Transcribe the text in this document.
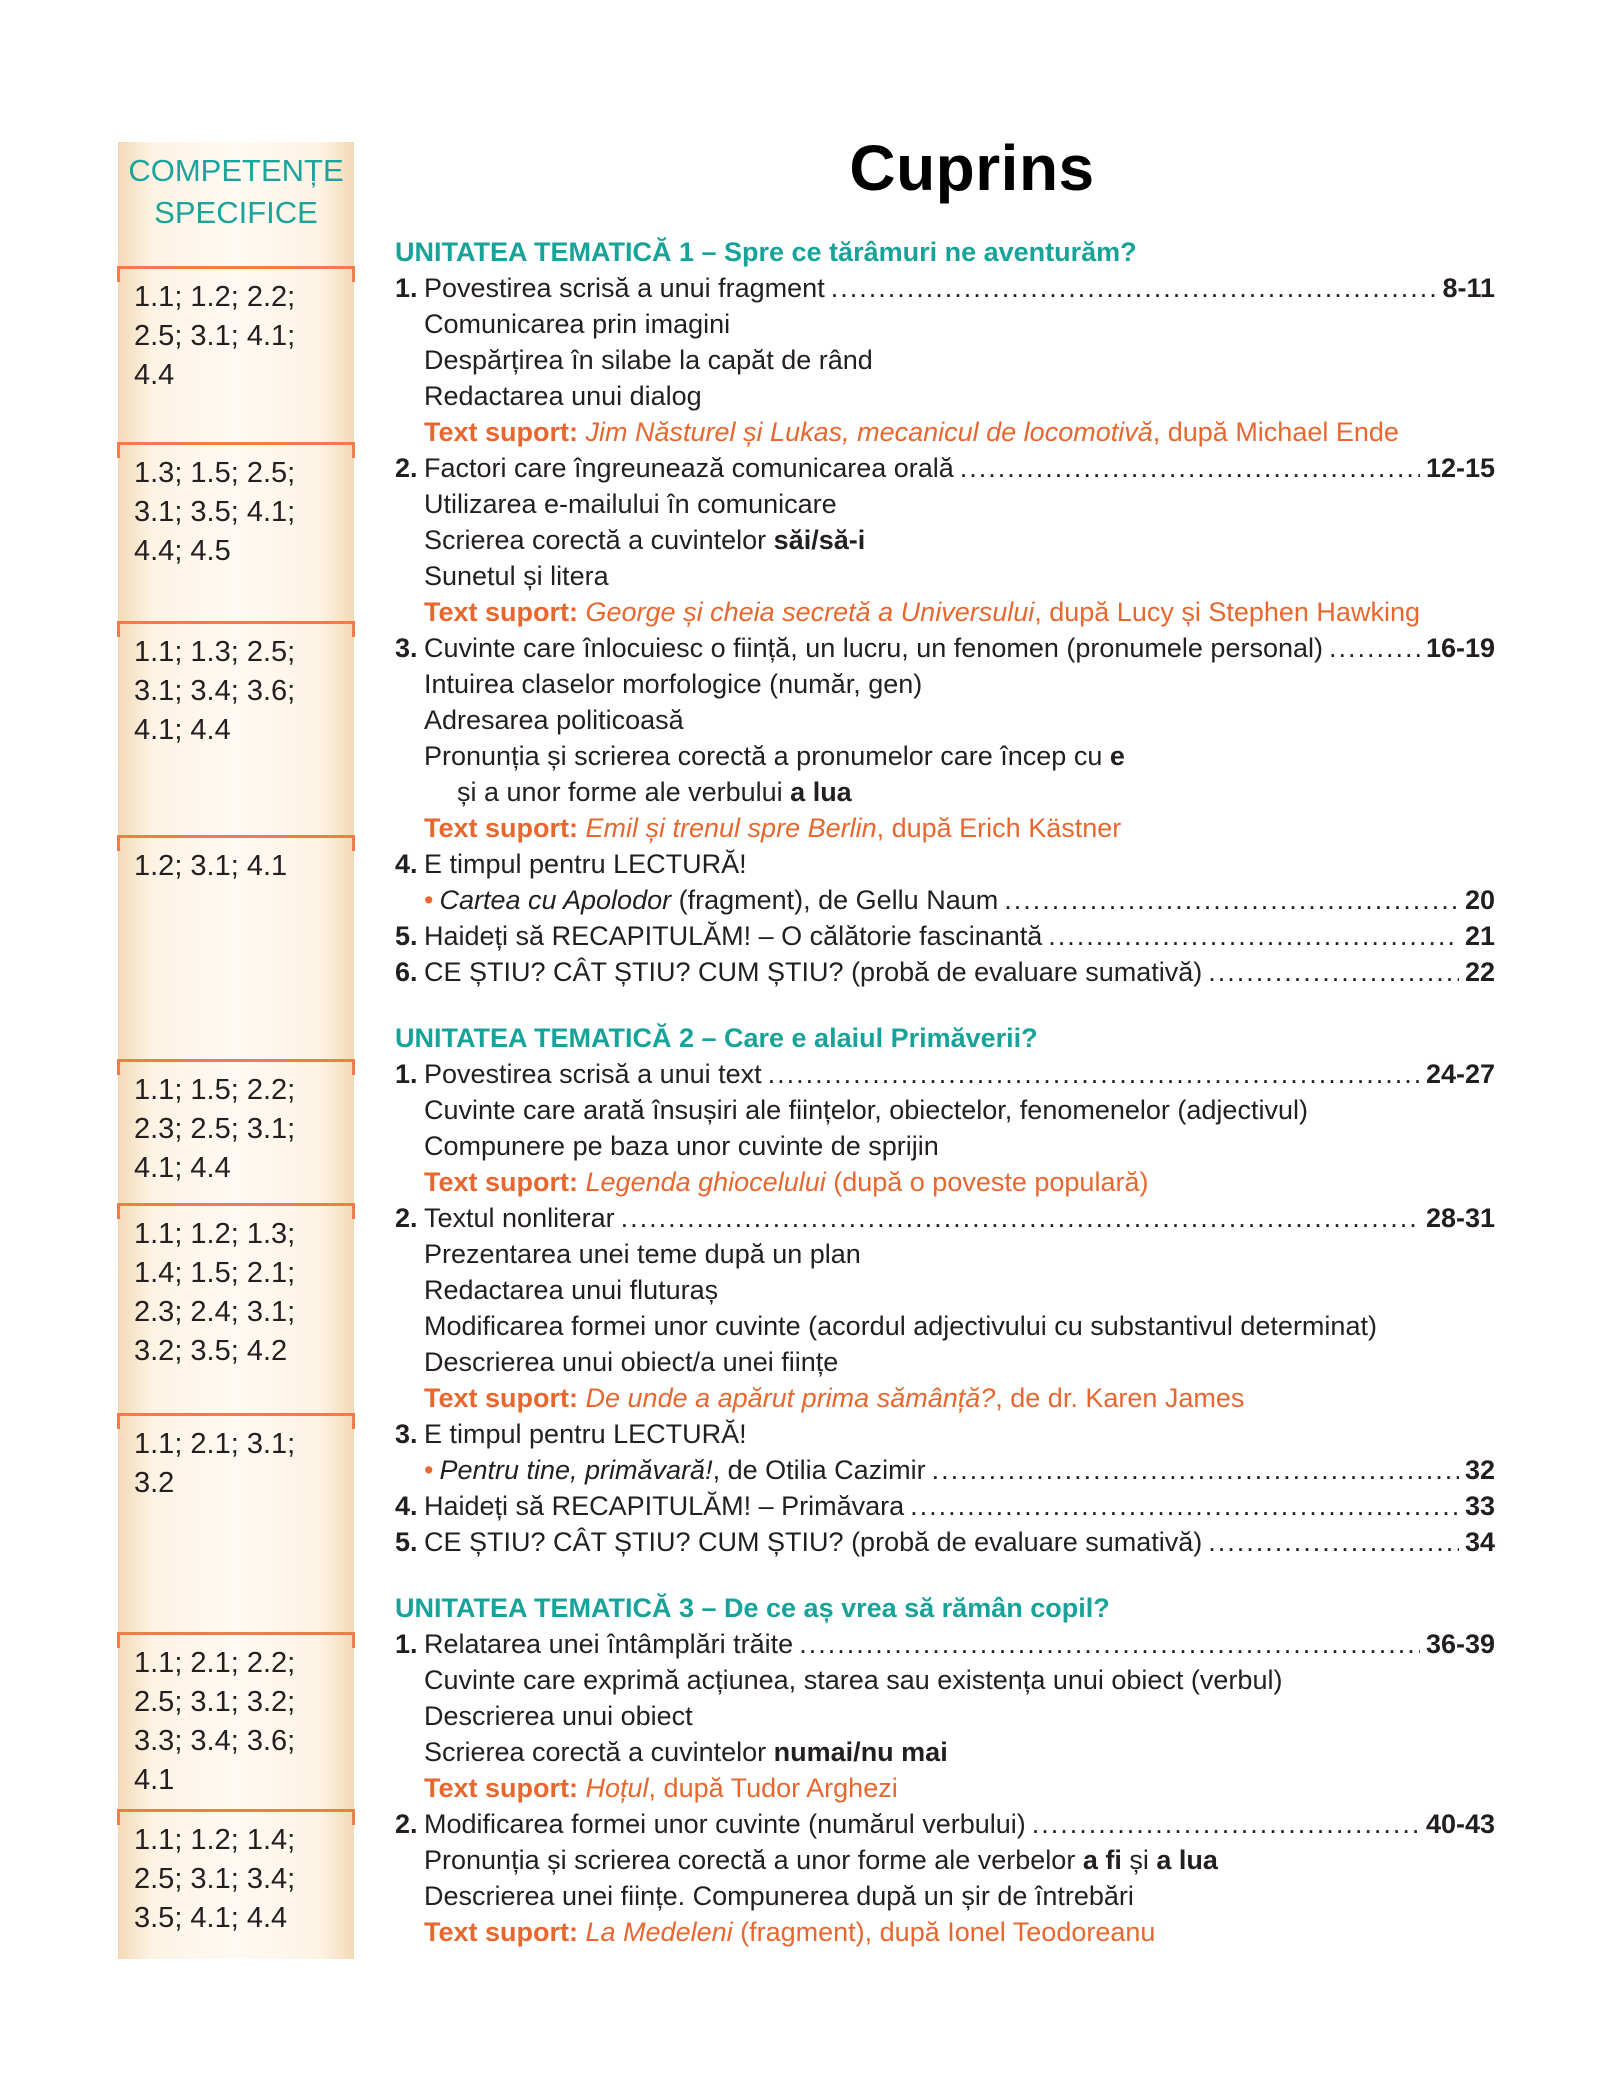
COMPETENȚE
SPECIFICE
1.1; 1.2; 2.2;
2.5; 3.1; 4.1;
4.4
1.3; 1.5; 2.5;
3.1; 3.5; 4.1;
4.4; 4.5
1.1; 1.3; 2.5;
3.1; 3.4; 3.6;
4.1; 4.4
1.2; 3.1; 4.1
1.1; 1.5; 2.2;
2.3; 2.5; 3.1;
4.1; 4.4
1.1; 1.2; 1.3;
1.4; 1.5; 2.1;
2.3; 2.4; 3.1;
3.2; 3.5; 4.2
1.1; 2.1; 3.1;
3.2
1.1; 2.1; 2.2;
2.5; 3.1; 3.2;
3.3; 3.4; 3.6;
4.1
1.1; 1.2; 1.4;
2.5; 3.1; 3.4;
3.5; 4.1; 4.4
Cuprins
UNITATEA TEMATICĂ 1 – Spre ce tărâmuri ne aventurăm?
1. Povestirea scrisă a unui fragment .....	8-11
Comunicarea prin imagini
Despărțirea în silabe la capăt de rând
Redactarea unui dialog
Text suport:
Jim Năsturel și Lukas, mecanicul de locomotivă , după Michael Ende
2. Factori care îngreunează comunicarea orală .....	12-15
Utilizarea e-mailului în comunicare
Scrierea corectă a cuvintelor săi / să-i
Sunetul și litera
Text suport:
George și cheia secretă a Universului , după Lucy și Stephen Hawking
3. Cuvinte care înlocuiesc o ființă, un lucru, un fenomen (pronumele personal) .....	16-19
Intuirea claselor morfologice (număr, gen)
Adresarea politicoasă
Pronunția și scrierea corectă a pronumelor care încep cu e
și a unor forme ale verbului a lua
Text suport:
Emil și trenul spre Berlin , după Erich Kästner
4. E timpul pentru LECTURĂ!
• Cartea cu Apolodor (fragment), de Gellu Naum .....	20
5. Haideți să RECAPITULĂM! – O călătorie fascinantă .....	21
6. CE ȘTIU? CÂT ȘTIU? CUM ȘTIU? (probă de evaluare sumativă) .....	22
UNITATEA TEMATICĂ 2 – Care e alaiul Primăverii?
1. Povestirea scrisă a unui text .....	24-27
Cuvinte care arată însușiri ale ființelor, obiectelor, fenomenelor (adjectivul)
Compunere pe baza unor cuvinte de sprijin
Text suport:
Legenda ghiocelului (după o poveste populară)
2. Textul nonliterar .....	28-31
Prezentarea unei teme după un plan
Redactarea unui fluturaș
Modificarea formei unor cuvinte (acordul adjectivului cu substantivul determinat)
Descrierea unui obiect/a unei ființe
Text suport:
De unde a apărut prima sămânță? , de dr. Karen James
3. E timpul pentru LECTURĂ!
• Pentru tine, primăvară! , de Otilia Cazimir .....	32
4. Haideți să RECAPITULĂM! – Primăvara .....	33
5. CE ȘTIU? CÂT ȘTIU? CUM ȘTIU? (probă de evaluare sumativă) .....	34
UNITATEA TEMATICĂ 3 – De ce aș vrea să rămân copil?
1. Relatarea unei întâmplări trăite .....	36-39
Cuvinte care exprimă acțiunea, starea sau existența unui obiect (verbul)
Descrierea unui obiect
Scrierea corectă a cuvintelor numai / nu mai
Text suport:
Hoțul , după Tudor Arghezi
2. Modificarea formei unor cuvinte (numărul verbului) .....	40-43
Pronunția și scrierea corectă a unor forme ale verbelor a fi și a lua
Descrierea unei ființe. Compunerea după un șir de întrebări
Text suport:
La Medeleni (fragment), după Ionel Teodoreanu
